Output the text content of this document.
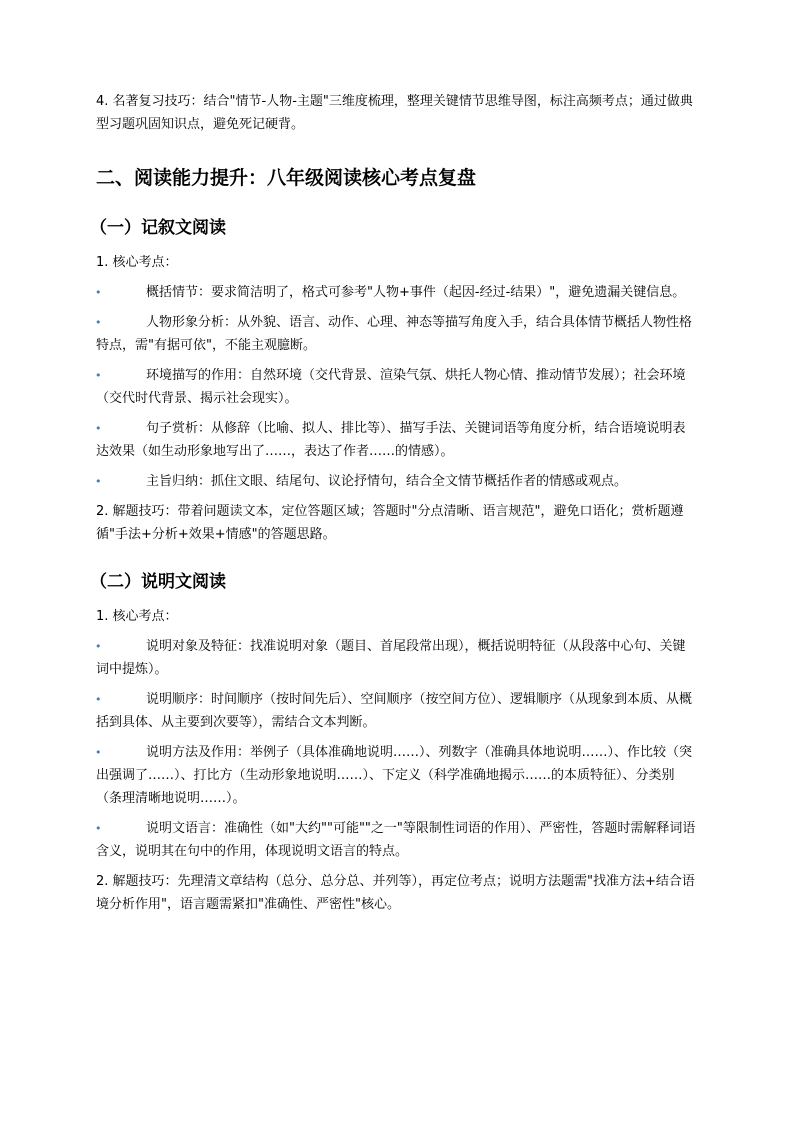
4. 名著复习技巧：结合"情节-人物-主题"三维度梳理，整理关键情节思维导图，标注高频考点；通过做典型习题巩固知识点，避免死记硬背。

二、阅读能力提升：八年级阅读核心考点复盘
（一）记叙文阅读

1. 核心考点：

•	概括情节：要求简洁明了，格式可参考"人物+事件（起因-经过-结果）"，避免遗漏关键信息。
•	人物形象分析：从外貌、语言、动作、心理、神态等描写角度入手，结合具体情节概括人物性格特点，需"有据可依"，不能主观臆断。
•	环境描写的作用：自然环境（交代背景、渲染气氛、烘托人物心情、推动情节发展）；社会环境（交代时代背景、揭示社会现实）。
•	句子赏析：从修辞（比喻、拟人、排比等）、描写手法、关键词语等角度分析，结合语境说明表达效果（如生动形象地写出了……，表达了作者……的情感）。
•	主旨归纳：抓住文眼、结尾句、议论抒情句，结合全文情节概括作者的情感或观点。

2. 解题技巧：带着问题读文本，定位答题区域；答题时"分点清晰、语言规范"，避免口语化；赏析题遵循"手法+分析+效果+情感"的答题思路。

（二）说明文阅读

1. 核心考点：

•	说明对象及特征：找准说明对象（题目、首尾段常出现），概括说明特征（从段落中心句、关键词中提炼）。
•	说明顺序：时间顺序（按时间先后）、空间顺序（按空间方位）、逻辑顺序（从现象到本质、从概括到具体、从主要到次要等），需结合文本判断。
•	说明方法及作用：举例子（具体准确地说明……）、列数字（准确具体地说明……）、作比较（突出强调了……）、打比方（生动形象地说明……）、下定义（科学准确地揭示……的本质特征）、分类别（条理清晰地说明……）。
•	说明文语言：准确性（如"大约""可能""之一"等限制性词语的作用）、严密性，答题时需解释词语含义，说明其在句中的作用，体现说明文语言的特点。

2. 解题技巧：先理清文章结构（总分、总分总、并列等），再定位考点；说明方法题需"找准方法+结合语境分析作用"，语言题需紧扣"准确性、严密性"核心。
